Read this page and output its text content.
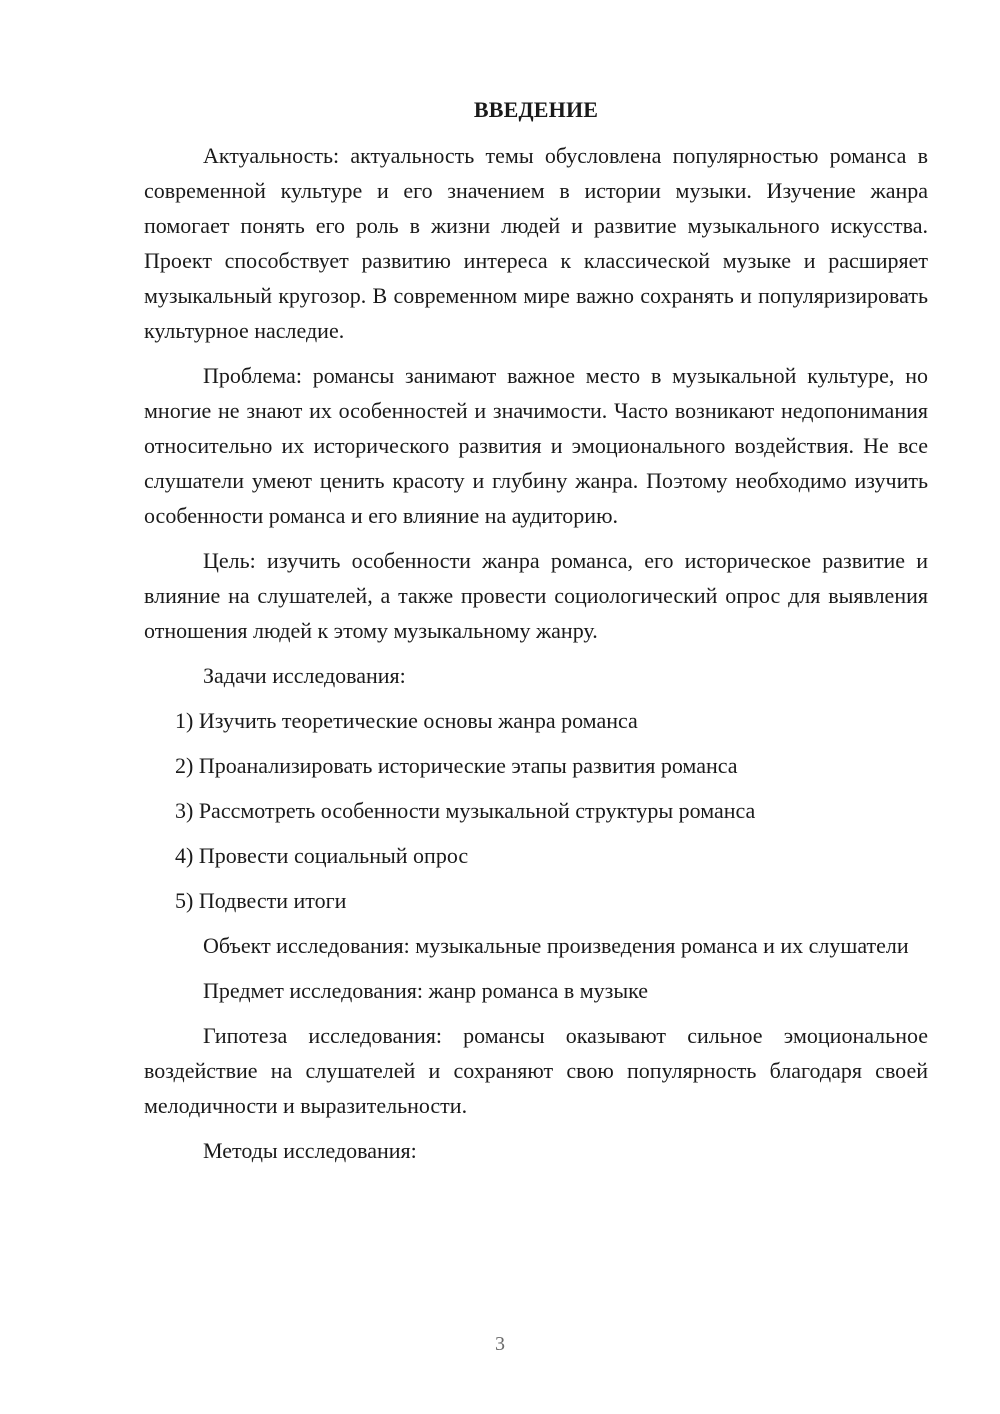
ВВЕДЕНИЕ

Актуальность: актуальность темы обусловлена популярностью романса в современной культуре и его значением в истории музыки. Изучение жанра помогает понять его роль в жизни людей и развитие музыкального искусства. Проект способствует развитию интереса к классической музыке и расширяет музыкальный кругозор. В современном мире важно сохранять и популяризировать культурное наследие.

Проблема: романсы занимают важное место в музыкальной культуре, но многие не знают их особенностей и значимости. Часто возникают недопонимания относительно их исторического развития и эмоционального воздействия. Не все слушатели умеют ценить красоту и глубину жанра. Поэтому необходимо изучить особенности романса и его влияние на аудиторию.

Цель: изучить особенности жанра романса, его историческое развитие и влияние на слушателей, а также провести социологический опрос для выявления отношения людей к этому музыкальному жанру.

Задачи исследования:

1) Изучить теоретические основы жанра романса
2) Проанализировать исторические этапы развития романса
3) Рассмотреть особенности музыкальной структуры романса
4) Провести социальный опрос
5) Подвести итоги

Объект исследования: музыкальные произведения романса и их слушатели

Предмет исследования: жанр романса в музыке

Гипотеза исследования: романсы оказывают сильное эмоциональное воздействие на слушателей и сохраняют свою популярность благодаря своей мелодичности и выразительности.

Методы исследования:

3
